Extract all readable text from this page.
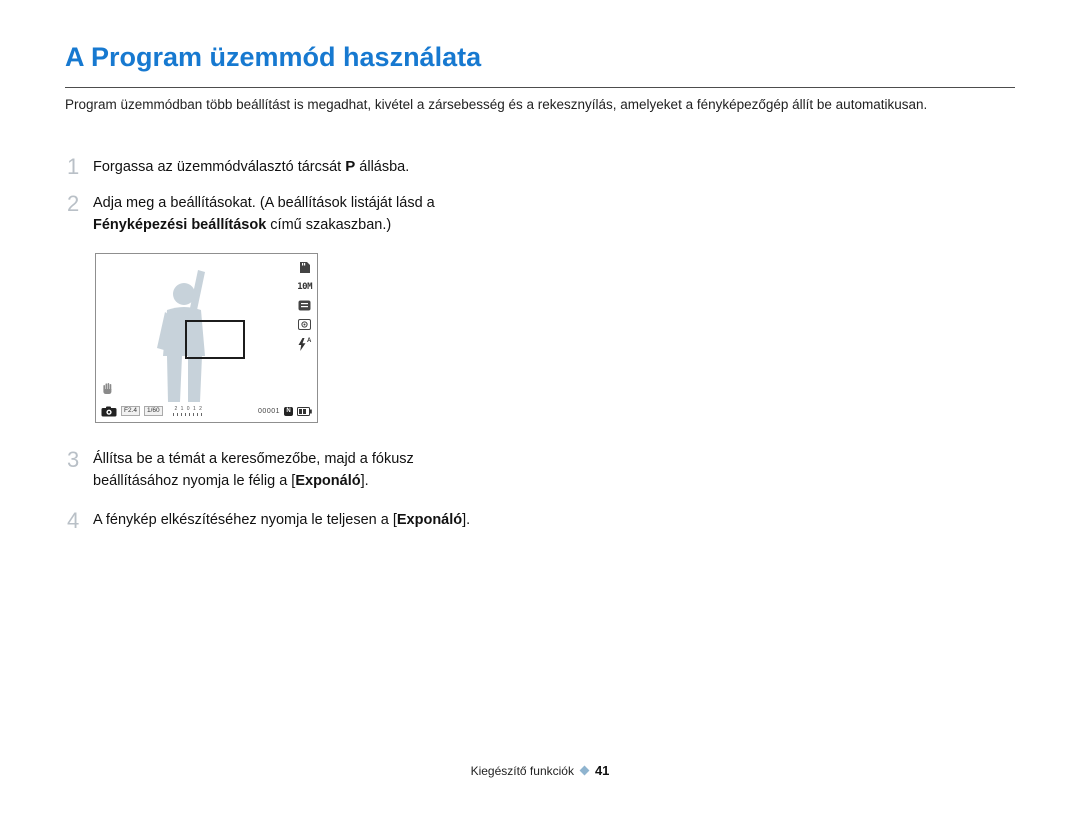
A Program üzemmód használata

Program üzemmódban több beállítást is megadhat, kivétel a zársebesség és a rekesznyílás, amelyeket a fényképezőgép állít be automatikusan.

1 Forgassa az üzemmódválasztó tárcsát P állásba.

2 Adja meg a beállításokat. (A beállítások listáját lásd a
Fényképezési beállítások című szakaszban.)

10M
A
F2.4	1/60	2 1 0 1 2	00001	N
3 Állítsa be a témát a keresőmezőbe, majd a fókusz
beállításához nyomja le félig a [Exponáló].

4 A fénykép elkészítéséhez nyomja le teljesen a [Exponáló].

Kiegészítő funkciók 41
